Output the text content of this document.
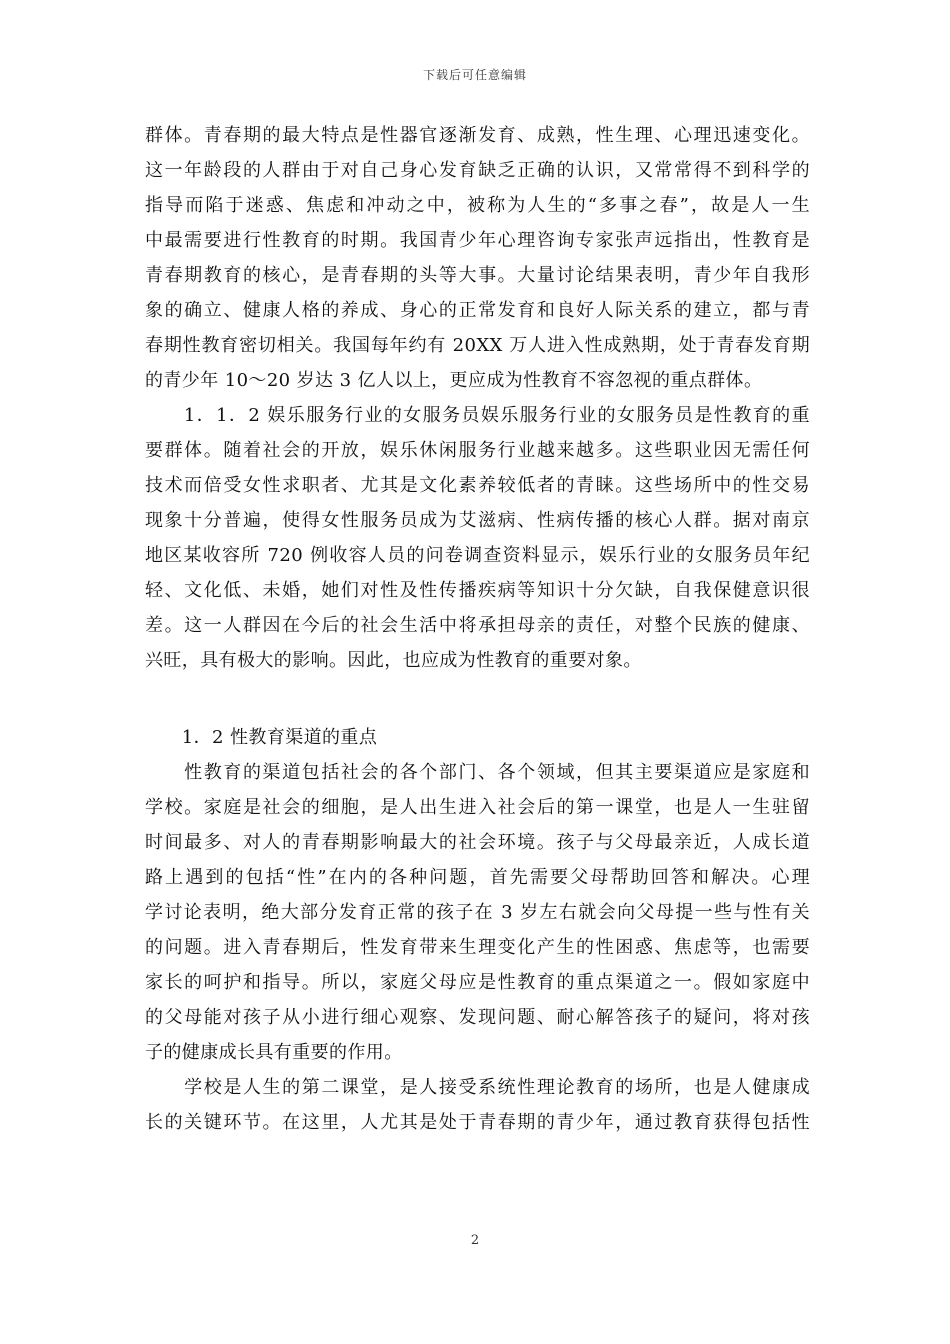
下载后可任意编辑
群体。青春期的最大特点是性器官逐渐发育、成熟，性生理、心理迅速变化。
这一年龄段的人群由于对自己身心发育缺乏正确的认识，又常常得不到科学的
指导而陷于迷惑、焦虑和冲动之中，被称为人生的“多事之春”，故是人一生
中最需要进行性教育的时期。我国青少年心理咨询专家张声远指出，性教育是
青春期教育的核心，是青春期的头等大事。大量讨论结果表明，青少年自我形
象的确立、健康人格的养成、身心的正常发育和良好人际关系的建立，都与青
春期性教育密切相关。我国每年约有 20XX 万人进入性成熟期，处于青春发育期
的青少年 10～20 岁达 3 亿人以上，更应成为性教育不容忽视的重点群体。
　　1．1．2 娱乐服务行业的女服务员娱乐服务行业的女服务员是性教育的重
要群体。随着社会的开放，娱乐休闲服务行业越来越多。这些职业因无需任何
技术而倍受女性求职者、尤其是文化素养较低者的青睐。这些场所中的性交易
现象十分普遍，使得女性服务员成为艾滋病、性病传播的核心人群。据对南京
地区某收容所 720 例收容人员的问卷调查资料显示，娱乐行业的女服务员年纪
轻、文化低、未婚，她们对性及性传播疾病等知识十分欠缺，自我保健意识很
差。这一人群因在今后的社会生活中将承担母亲的责任，对整个民族的健康、
兴旺，具有极大的影响。因此，也应成为性教育的重要对象。
　　1．2 性教育渠道的重点
　　性教育的渠道包括社会的各个部门、各个领域，但其主要渠道应是家庭和
学校。家庭是社会的细胞，是人出生进入社会后的第一课堂，也是人一生驻留
时间最多、对人的青春期影响最大的社会环境。孩子与父母最亲近，人成长道
路上遇到的包括“性”在内的各种问题，首先需要父母帮助回答和解决。心理
学讨论表明，绝大部分发育正常的孩子在 3 岁左右就会向父母提一些与性有关
的问题。进入青春期后，性发育带来生理变化产生的性困惑、焦虑等，也需要
家长的呵护和指导。所以，家庭父母应是性教育的重点渠道之一。假如家庭中
的父母能对孩子从小进行细心观察、发现问题、耐心解答孩子的疑问，将对孩
子的健康成长具有重要的作用。
　　学校是人生的第二课堂，是人接受系统性理论教育的场所，也是人健康成
长的关键环节。在这里，人尤其是处于青春期的青少年，通过教育获得包括性
2
